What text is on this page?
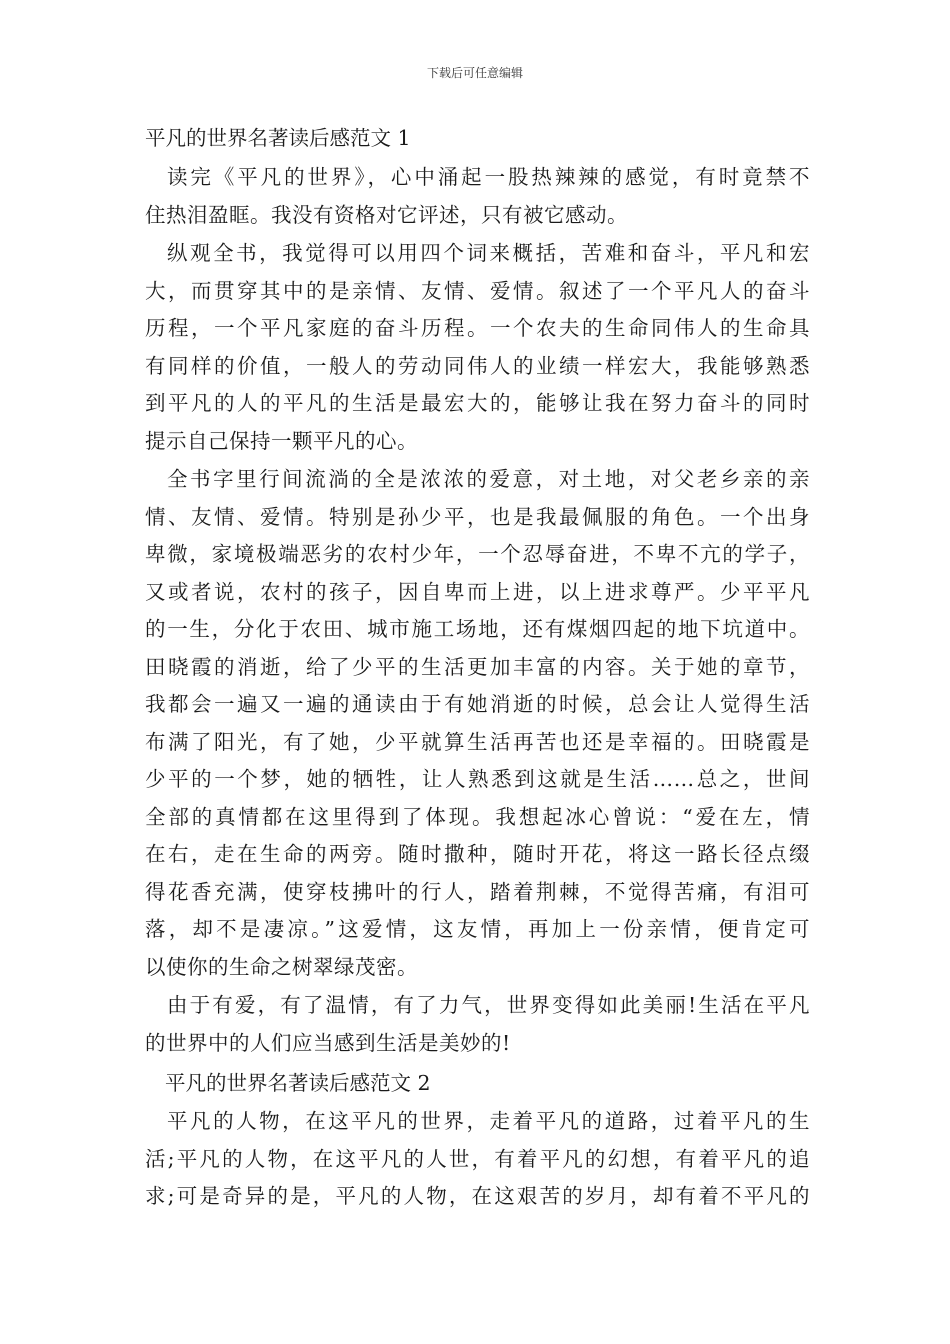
下载后可任意编辑
平凡的世界名著读后感范文 1
读完《平凡的世界》，心中涌起一股热辣辣的感觉，有时竟禁不
住热泪盈眶。我没有资格对它评述，只有被它感动。
纵观全书，我觉得可以用四个词来概括，苦难和奋斗，平凡和宏
大，而贯穿其中的是亲情、友情、爱情。叙述了一个平凡人的奋斗
历程，一个平凡家庭的奋斗历程。一个农夫的生命同伟人的生命具
有同样的价值，一般人的劳动同伟人的业绩一样宏大，我能够熟悉
到平凡的人的平凡的生活是最宏大的，能够让我在努力奋斗的同时
提示自己保持一颗平凡的心。
全书字里行间流淌的全是浓浓的爱意，对土地，对父老乡亲的亲
情、友情、爱情。特别是孙少平，也是我最佩服的角色。一个出身
卑微，家境极端恶劣的农村少年，一个忍辱奋进，不卑不亢的学子，
又或者说，农村的孩子，因自卑而上进，以上进求尊严。少平平凡
的一生，分化于农田、城市施工场地，还有煤烟四起的地下坑道中。
田晓霞的消逝，给了少平的生活更加丰富的内容。关于她的章节，
我都会一遍又一遍的通读由于有她消逝的时候，总会让人觉得生活
布满了阳光，有了她，少平就算生活再苦也还是幸福的。田晓霞是
少平的一个梦，她的牺牲，让人熟悉到这就是生活……总之，世间
全部的真情都在这里得到了体现。我想起冰心曾说：“爱在左，情
在右，走在生命的两旁。随时撒种，随时开花，将这一路长径点缀
得花香充满，使穿枝拂叶的行人，踏着荆棘，不觉得苦痛，有泪可
落，却不是凄凉。”这爱情，这友情，再加上一份亲情，便肯定可
以使你的生命之树翠绿茂密。
由于有爱，有了温情，有了力气，世界变得如此美丽!生活在平凡
的世界中的人们应当感到生活是美妙的!
平凡的世界名著读后感范文 2
平凡的人物，在这平凡的世界，走着平凡的道路，过着平凡的生
活;平凡的人物，在这平凡的人世，有着平凡的幻想，有着平凡的追
求;可是奇异的是，平凡的人物，在这艰苦的岁月，却有着不平凡的
